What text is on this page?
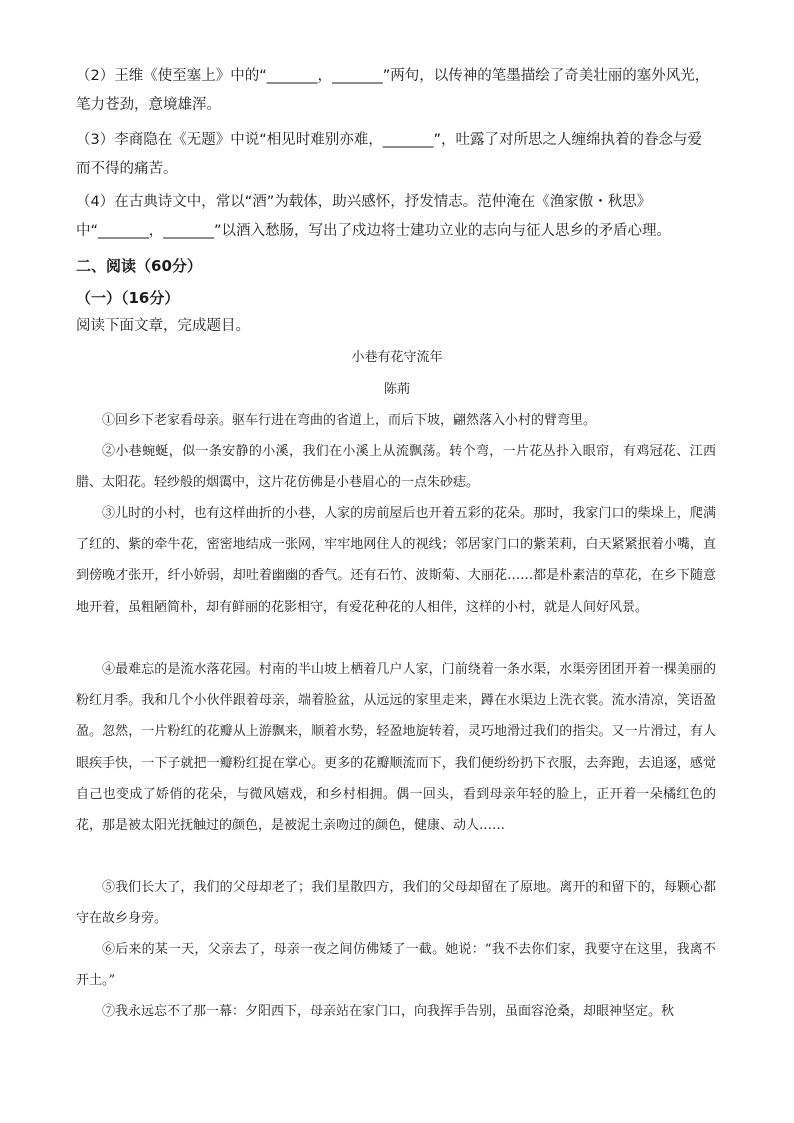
（2）王维《使至塞上》中的“_______，_______”两句，以传神的笔墨描绘了奇美壮丽的塞外风光，笔力苍劲，意境雄浑。
（3）李商隐在《无题》中说“相见时难别亦难，_______”，吐露了对所思之人缠绵执着的眷念与爱而不得的痛苦。
（4）在古典诗文中，常以“酒”为载体，助兴感怀，抒发情志。范仲淹在《渔家傲・秋思》中“_______，_______”以酒入愁肠，写出了戍边将士建功立业的志向与征人思乡的矛盾心理。
二、阅读（60分）
（一）（16分）
阅读下面文章，完成题目。
小巷有花守流年
陈荊
①回乡下老家看母亲。驱车行进在弯曲的省道上，而后下坡，翩然落入小村的臂弯里。
②小巷蜿蜒，似一条安静的小溪，我们在小溪上从流飘荡。转个弯，一片花丛扑入眼帘，有鸡冠花、江西腊、太阳花。轻纱般的烟霭中，这片花仿佛是小巷眉心的一点朱砂痣。
③儿时的小村，也有这样曲折的小巷，人家的房前屋后也开着五彩的花朵。那时，我家门口的柴垛上，爬满了红的、紫的牵牛花，密密地结成一张网，牢牢地网住人的视线；邻居家门口的紫茉莉，白天紧紧抿着小嘴，直到傍晚才张开，纤小娇弱，却吐着幽幽的香气。还有石竹、波斯菊、大丽花……都是朴素洁的草花，在乡下随意地开着，虽粗陋简朴，却有鲜丽的花影相守，有爱花种花的人相伴，这样的小村，就是人间好风景。
④最难忘的是流水落花园。村南的半山坡上栖着几户人家，门前绕着一条水渠，水渠旁团团开着一棵美丽的粉红月季。我和几个小伙伴跟着母亲，端着脸盆，从远远的家里走来，蹲在水渠边上洗衣裳。流水清凉，笑语盈盈。忽然，一片粉红的花瓣从上游飘来，顺着水势，轻盈地旋转着，灵巧地滑过我们的指尖。又一片滑过，有人眼疾手快，一下子就把一瓣粉红捉在掌心。更多的花瓣顺流而下，我们便纷纷扔下衣服，去奔跑，去追逐，感觉自己也变成了娇俏的花朵，与微风嬉戏，和乡村相拥。偶一回头，看到母亲年轻的脸上，正开着一朵橘红色的花，那是被太阳光抚触过的颜色，是被泥土亲吻过的颜色，健康、动人……
⑤我们长大了，我们的父母却老了；我们星散四方，我们的父母却留在了原地。离开的和留下的，每颗心都守在故乡身旁。
⑥后来的某一天，父亲去了，母亲一夜之间仿佛矮了一截。她说：“我不去你们家，我要守在这里，我离不开土。”
⑦我永远忘不了那一幕：夕阳西下，母亲站在家门口，向我挥手告别，虽面容沧桑，却眼神坚定。秋
